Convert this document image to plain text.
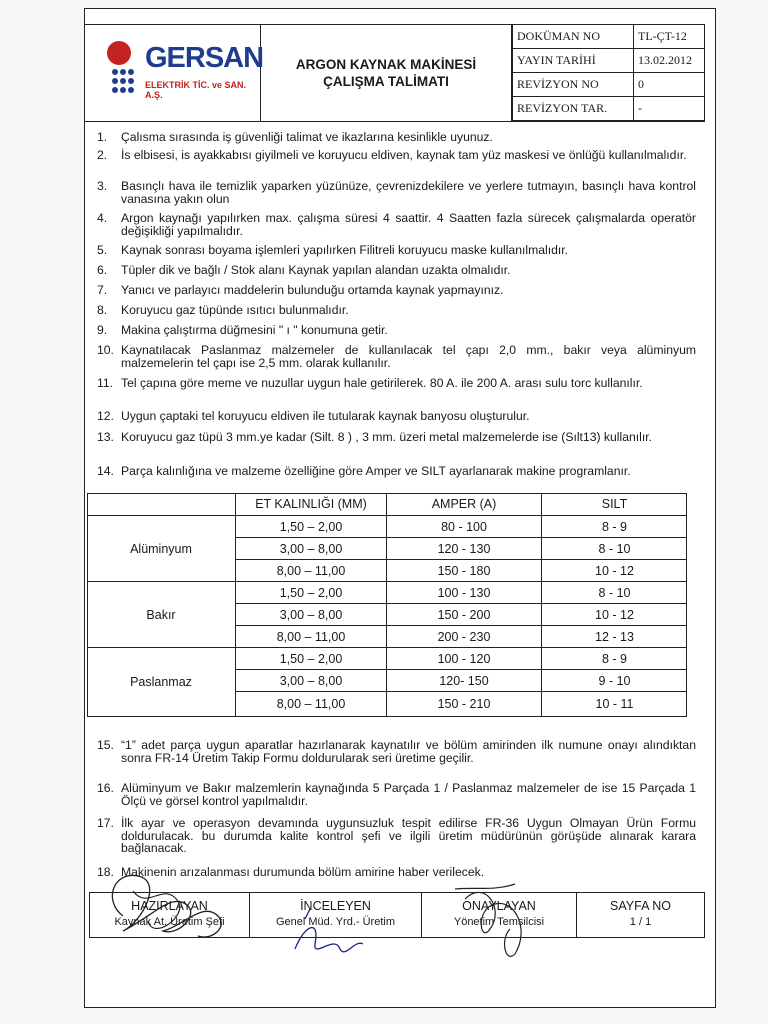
GERSAN
ELEKTRİK TİC. ve SAN. A.Ş.
ARGON KAYNAK MAKİNESİ
ÇALIŞMA TALİMATI
DOKÜMAN NO	TL-ÇT-12
YAYIN TARİHİ	13.02.2012
REVİZYON NO	0
REVİZYON TAR.	-
1.	Çalısma sırasında iş güvenliği talimat ve ikazlarına kesinlikle uyunuz.
2.	İs elbisesi, is ayakkabısı giyilmeli ve koruyucu eldiven, kaynak tam yüz maskesi ve önlüğü kullanılmalıdır.
3.	Basınçlı hava ile temizlik yaparken yüzünüze, çevrenizdekilere ve yerlere tutmayın, basınçlı hava kontrol vanasına yakın olun
4.	Argon kaynağı yapılırken max. çalışma süresi 4 saattir. 4 Saatten fazla sürecek çalışmalarda operatör değişikliği yapılmalıdır.
5.	Kaynak sonrası boyama işlemleri yapılırken Filitreli koruyucu maske kullanılmalıdır.
6.	Tüpler dik ve bağlı / Stok alanı Kaynak yapılan alandan uzakta olmalıdır.
7.	Yanıcı ve parlayıcı maddelerin bulunduğu ortamda kaynak yapmayınız.
8.	Koruyucu gaz tüpünde ısıtıcı bulunmalıdır.
9.	Makina çalıştırma düğmesini " ı " konumuna getir.
10. Kaynatılacak Paslanmaz malzemeler de kullanılacak tel çapı 2,0 mm., bakır veya alüminyum malzemelerin tel çapı ise 2,5 mm. olarak kullanılır.
11. Tel çapına göre meme ve nuzullar uygun hale getirilerek. 80 A. ile 200 A. arası sulu torc kullanılır.
12. Uygun çaptaki tel koruyucu eldiven ile tutularak kaynak banyosu oluşturulur.
13. Koruyucu gaz tüpü 3 mm.ye kadar (Silt. 8 ) , 3 mm. üzeri metal malzemelerde ise (Sılt13) kullanılır.
14. Parça kalınlığına ve malzeme özelliğine göre Amper ve SILT ayarlanarak makine programlanır.
ET KALINLIĞI (MM)	AMPER (A)	SILT
Alüminyum
1,50 – 2,00	80 - 100	8 - 9
3,00 – 8,00	120 - 130	8 - 10
8,00 – 11,00	150 - 180	10 - 12
Bakır
1,50 – 2,00	100 - 130	8 - 10
3,00 – 8,00	150 - 200	10 - 12
8,00 – 11,00	200 - 230	12 - 13
Paslanmaz
1,50 – 2,00	100 - 120	8 - 9
3,00 – 8,00	120- 150	9 - 10
8,00 – 11,00	150 - 210	10 - 11
15. “1” adet parça uygun aparatlar hazırlanarak kaynatılır ve bölüm amirinden ilk numune onayı alındıktan sonra FR-14 Üretim Takip Formu doldurularak seri üretime geçilir.
16. Alüminyum ve Bakır malzemlerin kaynağında 5 Parçada 1 / Paslanmaz malzemeler de ise 15 Parçada 1 Ölçü ve görsel kontrol yapılmalıdır.
17. İlk ayar ve operasyon devamında uygunsuzluk tespit edilirse FR-36 Uygun Olmayan Ürün Formu doldurulacak. bu durumda kalite kontrol şefi ve ilgili üretim müdürünün görüşüde alınarak karara bağlanacak.
18. Makinenin arızalanması durumunda bölüm amirine haber verilecek.
HAZIRLAYAN
Kaynak At. Üretim Şefi
İNCELEYEN
Genel Müd. Yrd.- Üretim
ONAYLAYAN
Yönetim Temsilcisi
SAYFA NO
1 / 1
